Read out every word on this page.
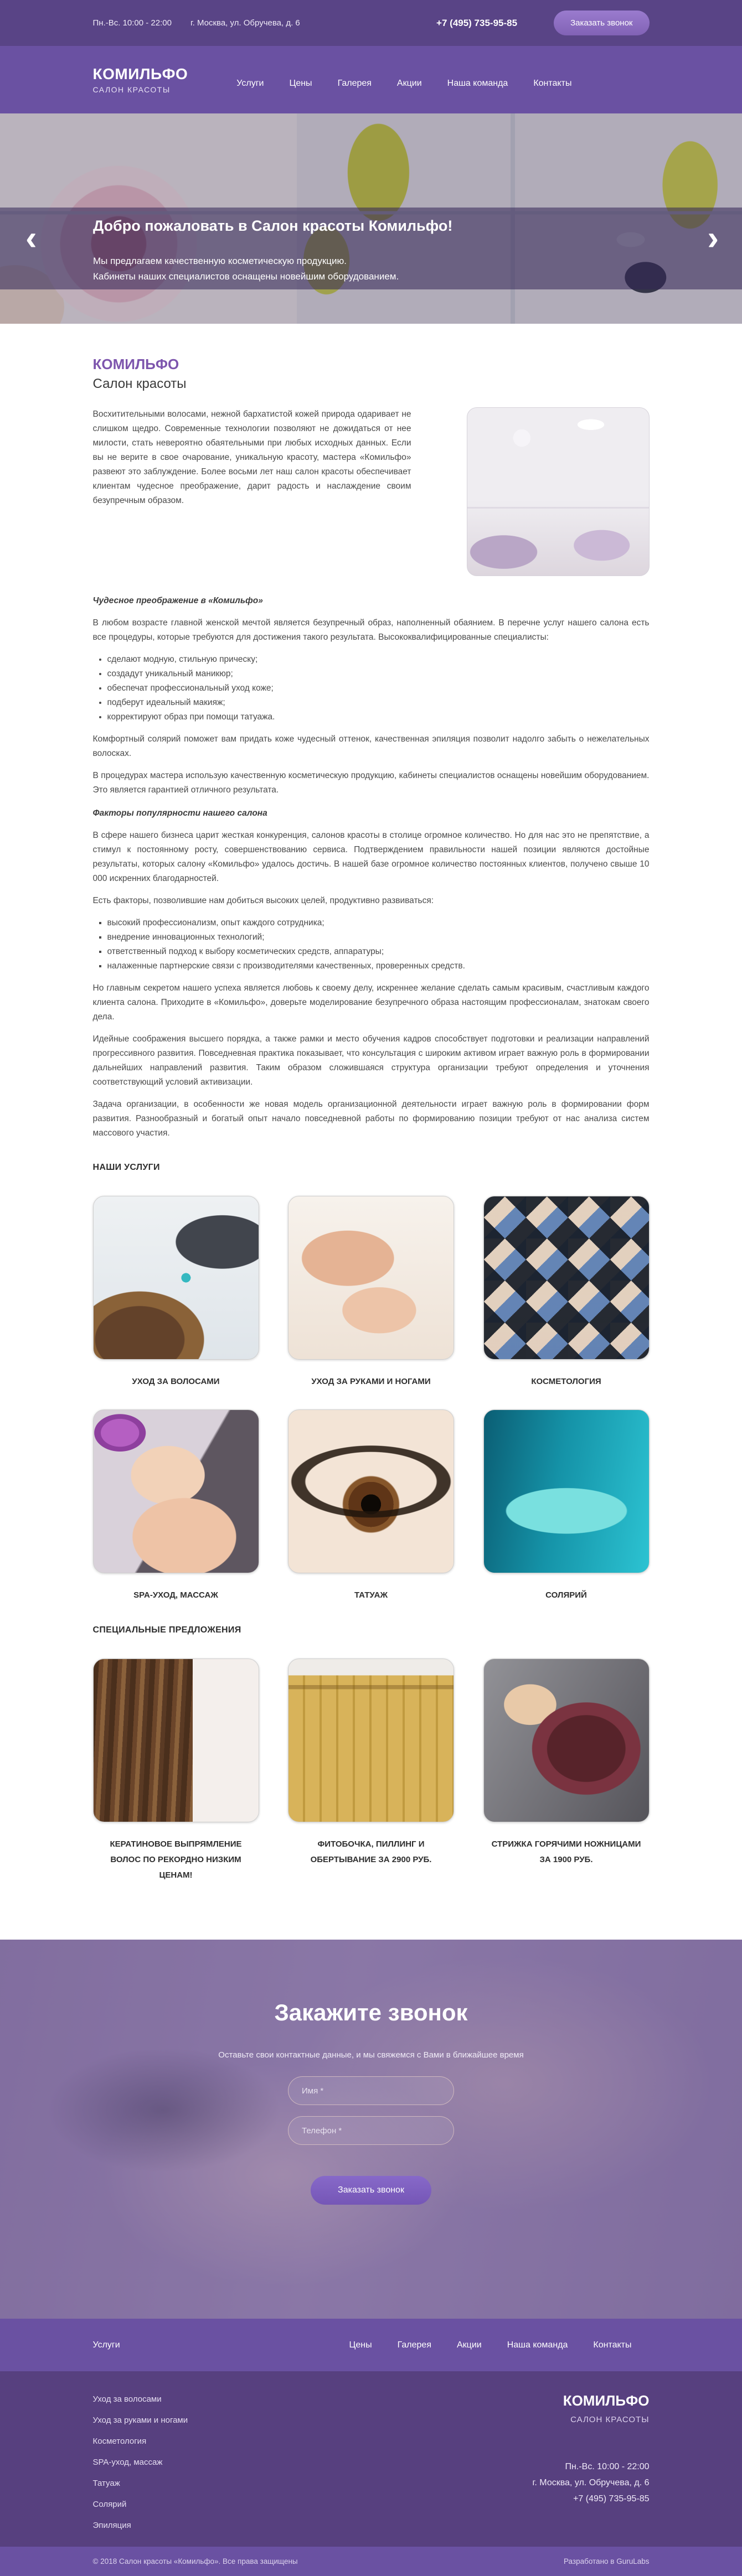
Пн.-Вс. 10:00 - 22:00 г. Москва, ул. Обручева, д. 6	+7 (495) 735-95-85	Заказать звонок
КОМИЛЬФО
САЛОН КРАСОТЫ
Услуги	Цены	Галерея	Акции	Наша команда	Контакты
‹	›
Добро пожаловать в Салон красоты Комильфо!
Мы предлагаем качественную косметическую продукцию.
Кабинеты наших специалистов оснащены новейшим оборудованием.
КОМИЛЬФО
Салон красоты

Восхитительными волосами, нежной бархатистой кожей природа одаривает не слишком щедро. Современные технологии позволяют не дожидаться от нее милости, стать невероятно обаятельными при любых исходных данных. Если вы не верите в свое очарование, уникальную красоту, мастера «Комильфо» развеют это заблуждение. Более восьми лет наш салон красоты обеспечивает клиентам чудесное преображение, дарит радость и наслаждение своим безупречным образом.

Чудесное преображение в «Комильфо»

В любом возрасте главной женской мечтой является безупречный образ, наполненный обаянием. В перечне услуг нашего салона есть все процедуры, которые требуются для достижения такого результата. Высококвалифицированные специалисты:

• сделают модную, стильную прическу;
• создадут уникальный маникюр;
• обеспечат профессиональный уход коже;
• подберут идеальный макияж;
• корректируют образ при помощи татуажа.

Комфортный солярий поможет вам придать коже чудесный оттенок, качественная эпиляция позволит надолго забыть о нежелательных волосках.

В процедурах мастера использую качественную косметическую продукцию, кабинеты специалистов оснащены новейшим оборудованием. Это является гарантией отличного результата.

Факторы популярности нашего салона

В сфере нашего бизнеса царит жесткая конкуренция, салонов красоты в столице огромное количество. Но для нас это не препятствие, а стимул к постоянному росту, совершенствованию сервиса. Подтверждением правильности нашей позиции являются достойные результаты, которых салону «Комильфо» удалось достичь. В нашей базе огромное количество постоянных клиентов, получено свыше 10 000 искренних благодарностей.

Есть факторы, позволившие нам добиться высоких целей, продуктивно развиваться:

▪ высокий профессионализм, опыт каждого сотрудника;
▪ внедрение инновационных технологий;
▪ ответственный подход к выбору косметических средств, аппаратуры;
▪ налаженные партнерские связи с производителями качественных, проверенных средств.

Но главным секретом нашего успеха является любовь к своему делу, искреннее желание сделать самым красивым, счастливым каждого клиента салона. Приходите в «Комильфо», доверьте моделирование безупречного образа настоящим профессионалам, знатокам своего дела.

Идейные соображения высшего порядка, а также рамки и место обучения кадров способствует подготовки и реализации направлений прогрессивного развития. Повседневная практика показывает, что консультация с широким активом играет важную роль в формировании дальнейших направлений развития. Таким образом сложившаяся структура организации требуют определения и уточнения соответствующий условий активизации.

Задача организации, в особенности же новая модель организационной деятельности играет важную роль в формировании форм развития. Разнообразный и богатый опыт начало повседневной работы по формированию позиции требуют от нас анализа систем массового участия.

НАШИ УСЛУГИ
УХОД ЗА ВОЛОСАМИ	УХОД ЗА РУКАМИ И НОГАМИ	КОСМЕТОЛОГИЯ
SPA-УХОД, МАССАЖ	ТАТУАЖ	СОЛЯРИЙ
СПЕЦИАЛЬНЫЕ ПРЕДЛОЖЕНИЯ
КЕРАТИНОВОЕ ВЫПРЯМЛЕНИЕ ВОЛОС ПО РЕКОРДНО НИЗКИМ ЦЕНАМ!
ФИТОБОЧКА, ПИЛЛИНГ И ОБЕРТЫВАНИЕ ЗА 2900 РУБ.
СТРИЖКА ГОРЯЧИМИ НОЖНИЦАМИ ЗА 1900 РУБ.
Закажите звонок
Оставьте свои контактные данные, и мы свяжемся с Вами в ближайшее время
Имя *
Телефон * Заказать звонок
Услуги	Цены	Галерея	Акции	Наша команда	Контакты
Уход за волосами
Уход за руками и ногами
Косметология
SPA-уход, массаж
Татуаж
Солярий
Эпиляция
КОМИЛЬФО
САЛОН КРАСОТЫ
Пн.-Вс. 10:00 - 22:00
г. Москва, ул. Обручева, д. 6
+7 (495) 735-95-85
© 2018 Салон красоты «Комильфо». Все права защищены	Разработано в GuruLabs
